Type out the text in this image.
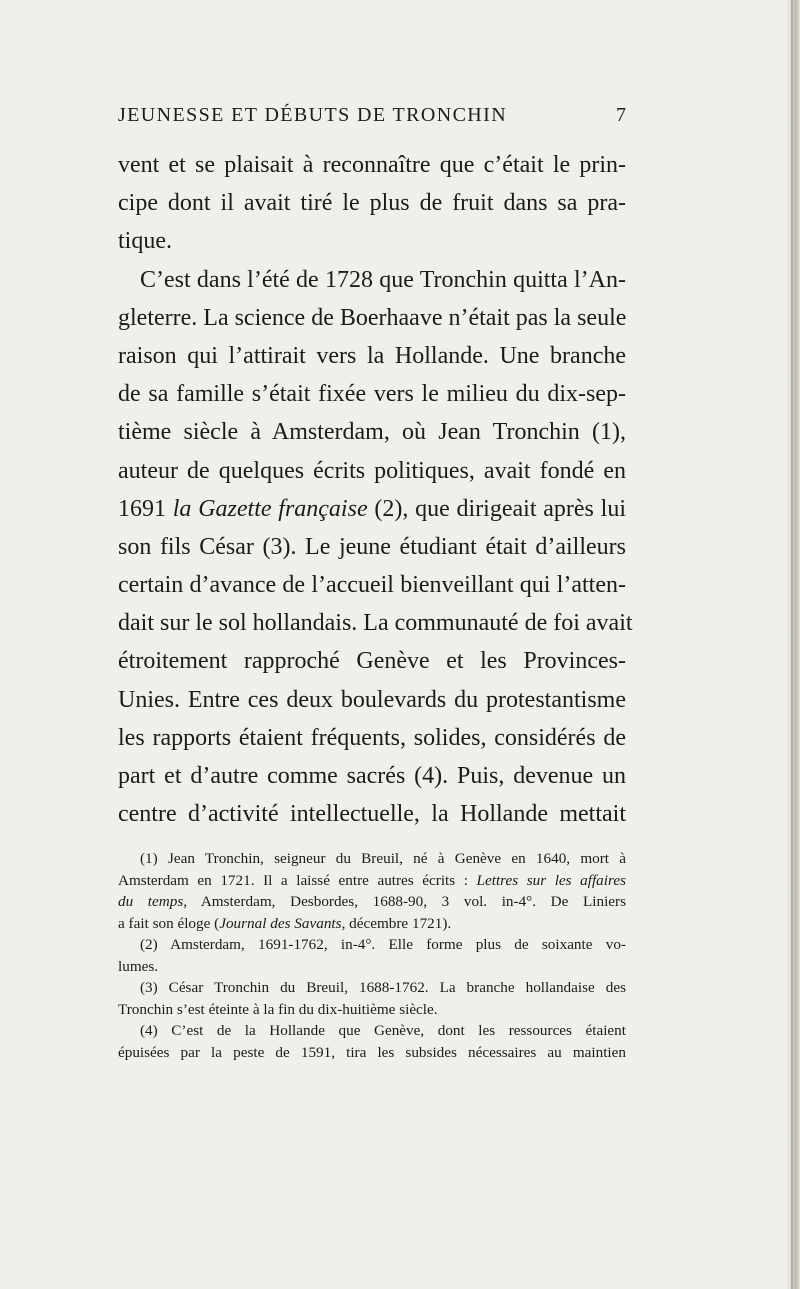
JEUNESSE ET DÉBUTS DE TRONCHIN	7
vent et se plaisait à reconnaître que c’était le prin-
cipe dont il avait tiré le plus de fruit dans sa pra-
tique.
C’est dans l’été de 1728 que Tronchin quitta l’An-
gleterre. La science de Boerhaave n’était pas la seule
raison qui l’attirait vers la Hollande. Une branche
de sa famille s’était fixée vers le milieu du dix-sep-
tième siècle à Amsterdam, où Jean Tronchin (1),
auteur de quelques écrits politiques, avait fondé en
1691 la Gazette française (2), que dirigeait après lui
son fils César (3). Le jeune étudiant était d’ailleurs
certain d’avance de l’accueil bienveillant qui l’atten-
dait sur le sol hollandais. La communauté de foi avait
étroitement rapproché Genève et les Provinces-
Unies. Entre ces deux boulevards du protestantisme
les rapports étaient fréquents, solides, considérés de
part et d’autre comme sacrés (4). Puis, devenue un
centre d’activité intellectuelle, la Hollande mettait
(1) Jean Tronchin, seigneur du Breuil, né à Genève en 1640, mort à
Amsterdam en 1721. Il a laissé entre autres écrits : Lettres sur les affaires
du temps, Amsterdam, Desbordes, 1688-90, 3 vol. in-4°. De Liniers
a fait son éloge (Journal des Savants, décembre 1721).
(2) Amsterdam, 1691-1762, in-4°. Elle forme plus de soixante vo-
lumes.
(3) César Tronchin du Breuil, 1688-1762. La branche hollandaise des
Tronchin s’est éteinte à la fin du dix-huitième siècle.
(4) C’est de la Hollande que Genève, dont les ressources étaient
épuisées par la peste de 1591, tira les subsides nécessaires au maintien
